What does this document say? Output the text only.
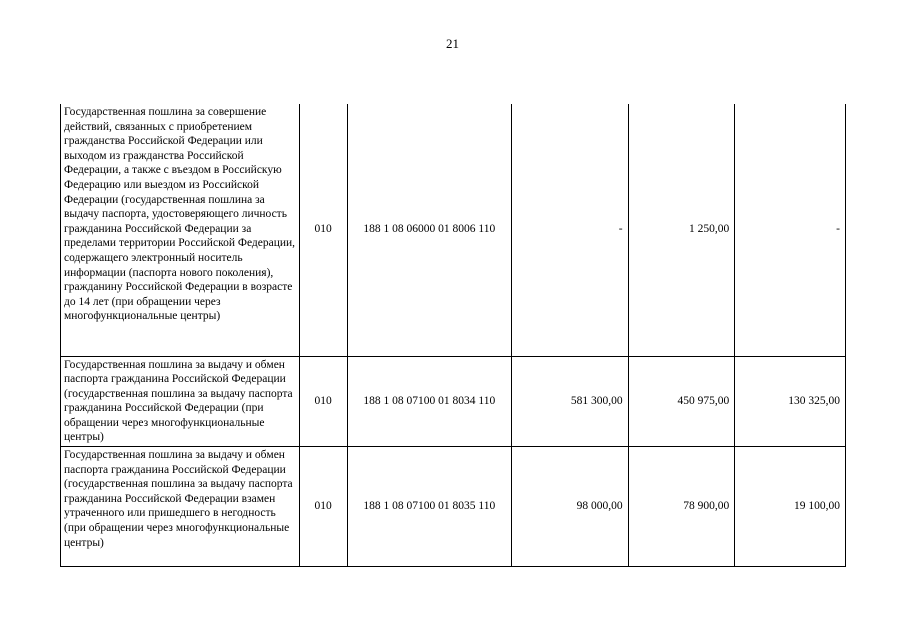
21
Государственная пошлина за совершение действий, связанных с приобретением гражданства Российской Федерации или выходом из гражданства Российской Федерации, а также с въездом в Российскую Федерацию или выездом из Российской Федерации (государственная пошлина за выдачу паспорта, удостоверяющего личность гражданина Российской Федерации за пределами территории Российской Федерации, содержащего электронный носитель информации (паспорта нового поколения), гражданину Российской Федерации в возрасте до 14 лет (при обращении через многофункциональные центры)	010	188 1 08 06000 01 8006 110	-	1 250,00	-

Государственная пошлина за выдачу и обмен паспорта гражданина Российской Федерации (государственная пошлина за выдачу паспорта гражданина Российской Федерации (при обращении через многофункциональные центры)	010	188 1 08 07100 01 8034 110	581 300,00	450 975,00	130 325,00

Государственная пошлина за выдачу и обмен паспорта гражданина Российской Федерации (государственная пошлина за выдачу паспорта гражданина Российской Федерации взамен утраченного или пришедшего в негодность (при обращении через многофункциональные центры)	010	188 1 08 07100 01 8035 110	98 000,00	78 900,00	19 100,00
